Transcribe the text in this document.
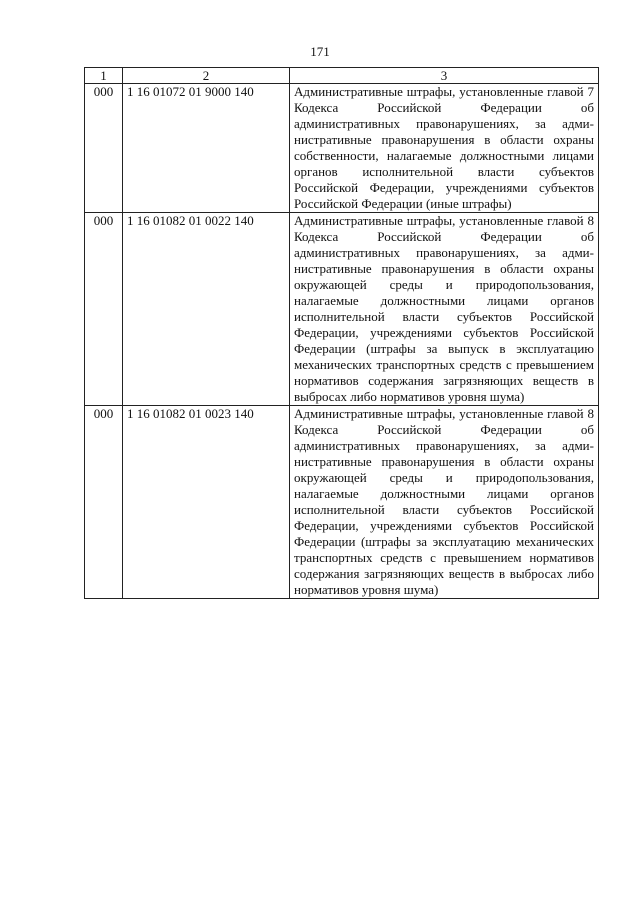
171
1	2	3
000	1 16 01072 01 9000 140	Административные штрафы, установленные главой 7 Кодекса Российской Федерации об административных правонарушениях, за административные правонарушения в области охраны собственности, налагаемые должностными лицами органов исполнительной власти субъектов Российской Федерации, учреждениями субъектов Российской Федерации (иные штрафы)
000	1 16 01082 01 0022 140	Административные штрафы, установленные главой 8 Кодекса Российской Федерации об административных правонарушениях, за административные правонарушения в области охраны окружающей среды и природопользования, налагаемые должностными лицами органов исполнительной власти субъектов Российской Федерации, учреждениями субъектов Российской Федерации (штрафы за выпуск в эксплуатацию механических транспортных средств с превышением нормативов содержания загрязняющих веществ в выбросах либо нормативов уровня шума)
000	1 16 01082 01 0023 140	Административные штрафы, установленные главой 8 Кодекса Российской Федерации об административных правонарушениях, за административные правонарушения в области охраны окружающей среды и природопользования, налагаемые должностными лицами органов исполнительной власти субъектов Российской Федерации, учреждениями субъектов Российской Федерации (штрафы за эксплуатацию механических транспортных средств с превышением нормативов содержания загрязняющих веществ в выбросах либо нормативов уровня шума)
